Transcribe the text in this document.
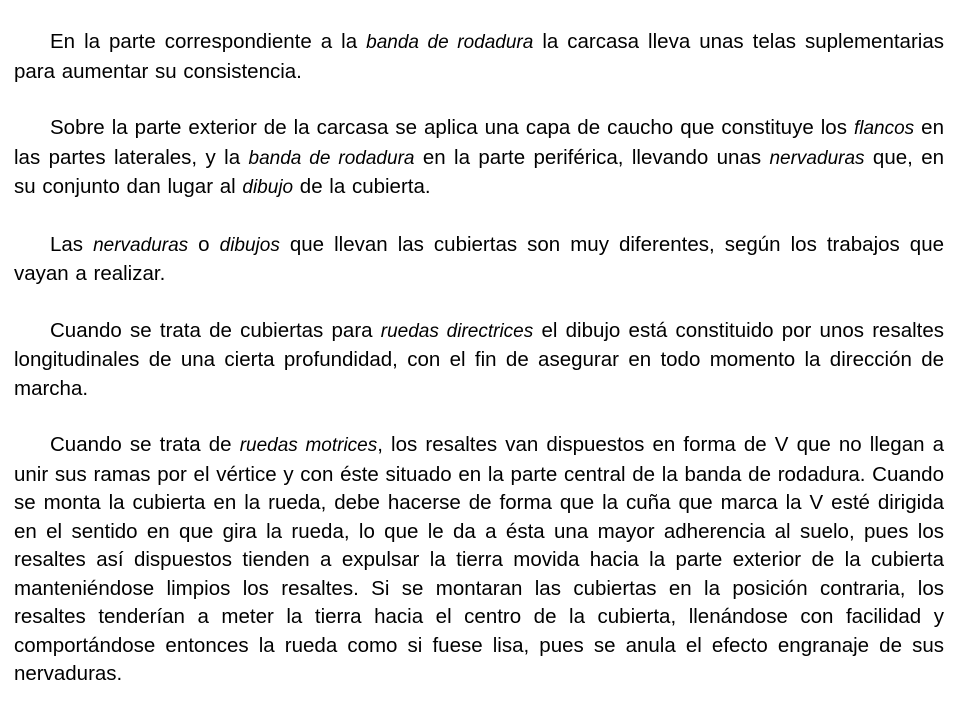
En la parte correspondiente a la banda de rodadura la carcasa lleva unas telas suplementarias para aumentar su consistencia.

Sobre la parte exterior de la carcasa se aplica una capa de caucho que constituye los flancos en las partes laterales, y la banda de rodadura en la parte periférica, llevando unas nervaduras que, en su conjunto dan lugar al dibujo de la cubierta.

Las nervaduras o dibujos que llevan las cubiertas son muy diferentes, según los trabajos que vayan a realizar.

Cuando se trata de cubiertas para ruedas directrices el dibujo está constituido por unos resaltes longitudinales de una cierta profundidad, con el fin de asegurar en todo momento la dirección de marcha.

Cuando se trata de ruedas motrices, los resaltes van dispuestos en forma de V que no llegan a unir sus ramas por el vértice y con éste situado en la parte central de la banda de rodadura. Cuando se monta la cubierta en la rueda, debe hacerse de forma que la cuña que marca la V esté dirigida en el sentido en que gira la rueda, lo que le da a ésta una mayor adherencia al suelo, pues los resaltes así dispuestos tienden a expulsar la tierra movida hacia la parte exterior de la cubierta manteniéndose limpios los resaltes. Si se montaran las cubiertas en la posición contraria, los resaltes tenderían a meter la tierra hacia el centro de la cubierta, llenándose con facilidad y comportándose entonces la rueda como si fuese lisa, pues se anula el efecto engranaje de sus nervaduras.
